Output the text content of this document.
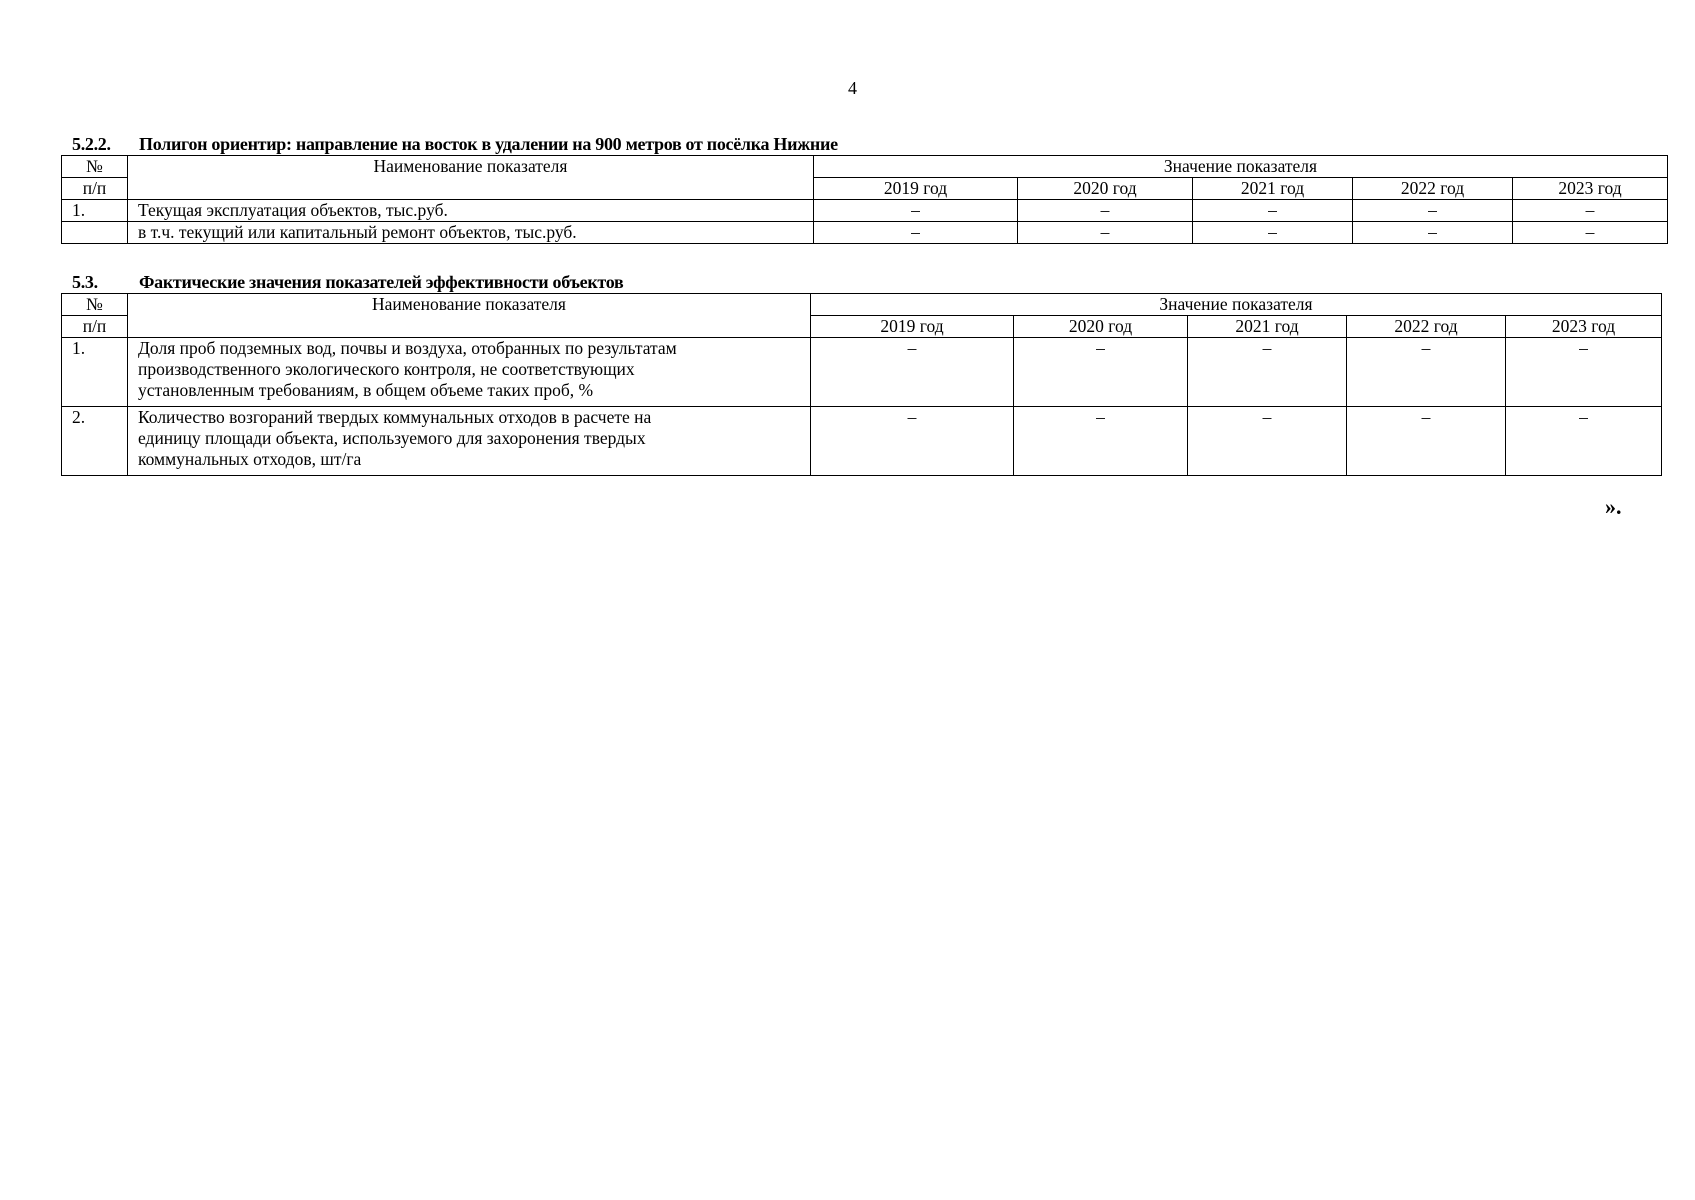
4
5.2.2. Полигон ориентир: направление на восток в удалении на 900 метров от посёлка Нижние
№	Наименование показателя	Значение показателя				
п/п		2019 год	2020 год	2021 год	2022 год	2023 год
1.	Текущая эксплуатация объектов, тыс.руб.	–	–	–	–	–
	в т.ч. текущий или капитальный ремонт объектов, тыс.руб.	–	–	–	–	–
5.3. Фактические значения показателей эффективности объектов
№	Наименование показателя	Значение показателя				
п/п		2019 год	2020 год	2021 год	2022 год	2023 год
1.	Доля проб подземных вод, почвы и воздуха, отобранных по результатам
производственного экологического контроля, не соответствующих
установленным требованиям, в общем объеме таких проб, %	–	–	–	–	–
2.	Количество возгораний твердых коммунальных отходов в расчете на
единицу площади объекта, используемого для захоронения твердых
коммунальных отходов, шт/га	–	–	–	–	–
».
